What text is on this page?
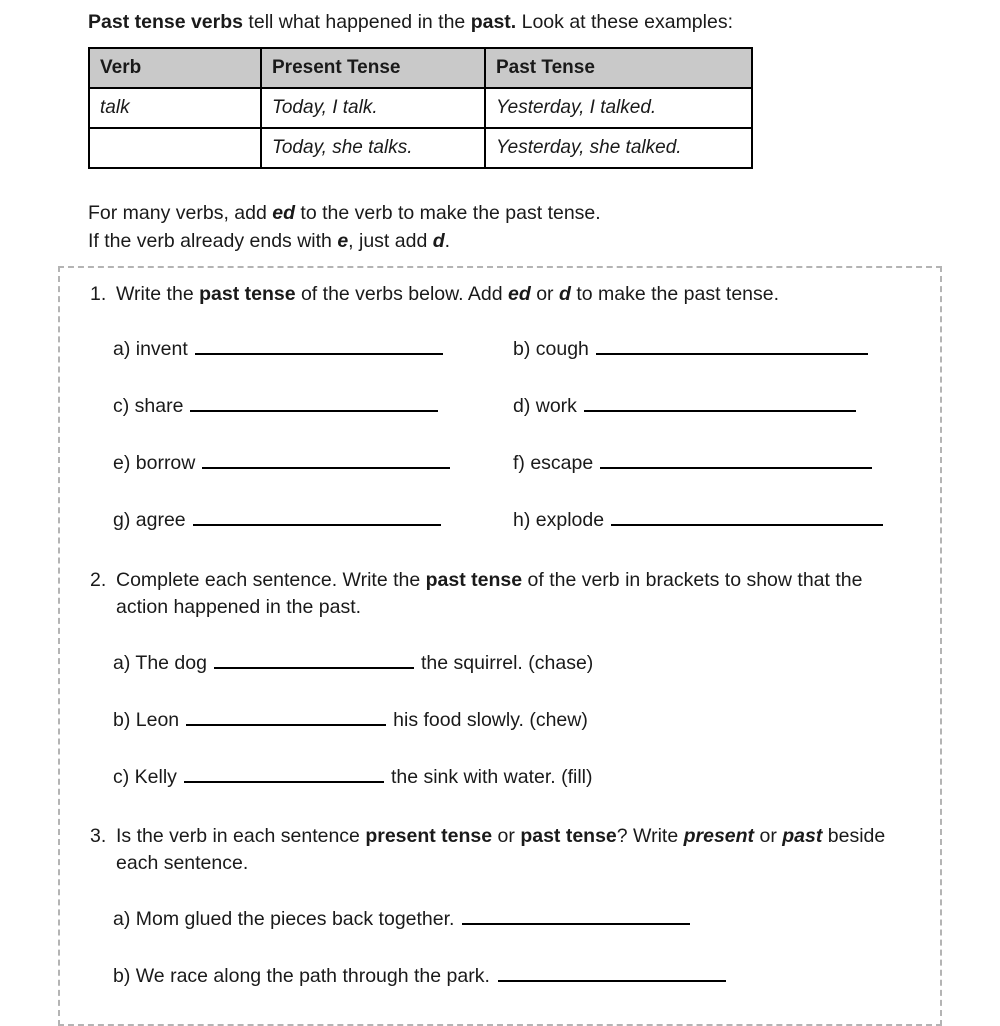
Past tense verbs tell what happened in the past. Look at these examples:
Verb	Present Tense	Past Tense
talk	Today, I talk.	Yesterday, I talked.
	Today, she talks.	Yesterday, she talked.
For many verbs, add ed to the verb to make the past tense.
If the verb already ends with e, just add d.
1. Write the past tense of the verbs below. Add ed or d to make the past tense.
a) invent	b) cough
c) share	d) work
e) borrow	f) escape
g) agree	h) explode
2. Complete each sentence. Write the past tense of the verb in brackets to show that the action happened in the past.
a) The dog	the squirrel. (chase)
b) Leon	his food slowly. (chew)
c) Kelly	the sink with water. (fill)
3. Is the verb in each sentence present tense or past tense? Write present or past beside each sentence.
a) Mom glued the pieces back together.
b) We race along the path through the park.
